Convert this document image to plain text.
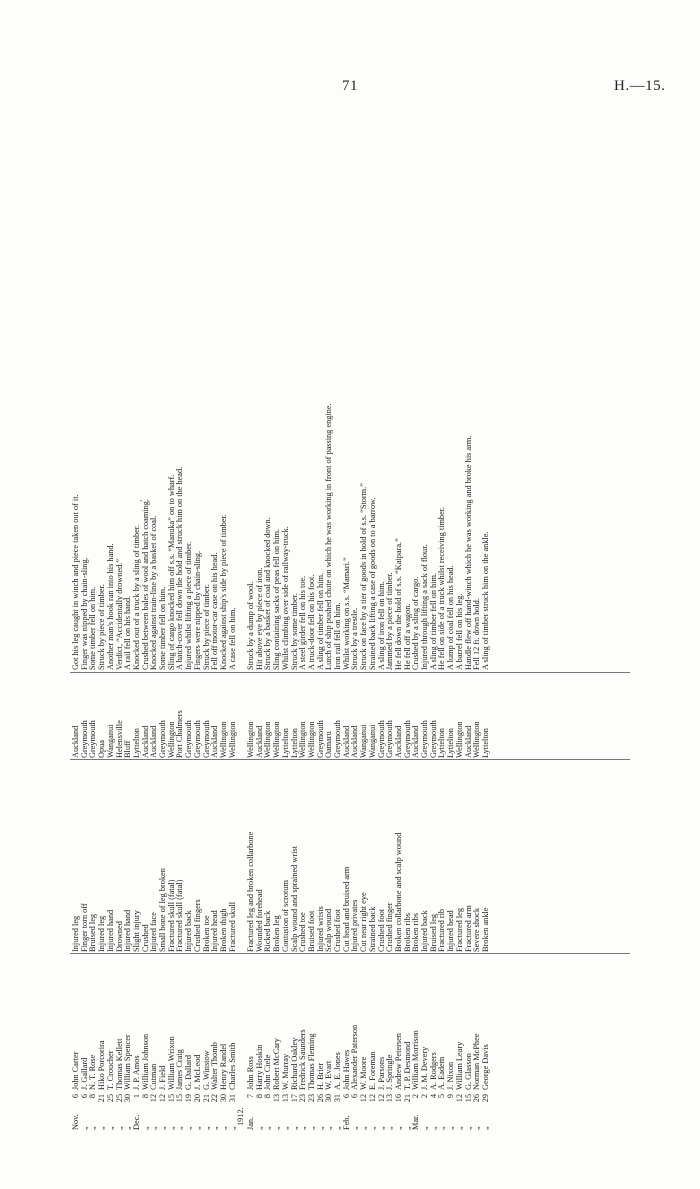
71	H.—15.
Nov.
6
John Carter
Injured leg
Auckland
Got his leg caught in winch and piece taken out of it.
„
6
J. Gallard
Finger torn off
Greymouth
Finger was nipped by chain-sling.
„
8
N. T. Rose
Bruised leg
Greymouth
Some timber fell on him.
„
21
Hiko Porcorira
Injured leg
Opua
Struck by piece of timber.
„
25
T. Croucher
Injured hand
Wanganui
Another man's hook ran into his hand.
„
25
Thomas Kellett
Drowned
Helensville
Verdict, “Accidentally drowned.”
„
30
William Spencer
Injured hand
Bluff
A rail fell on his hand.
Dec.
1
J. P. Amos
Slight injury
Lyttelton
Knocked out of a truck by a sling of timber.
„
8
William Johnson
Crushed
Auckland
Crushed between bales of wool and hatch coaming.
„
12
Cutman
Injured face
Auckland
Knocked against train-line by a basket of coal.
„
12
J. Field
Small bone of leg broken
Greymouth
Some timber fell on him.
„
15
William Wrixon
Fractured skull (fatal)
Wellington
Sling of cargo knocked him off s.s. “Manuka” on to wharf.
„
15
James Craig
Fractured skull (fatal)
Port Chalmers
A hatch-cover fell down the hold and struck him on the head.
„
19
G. Dallard
Injured back
Greymouth
Injured whilst lifting a piece of timber.
„
20
J. McLeod
Crushed fingers
Greymouth
Fingers were nipped by chain-sling.
„
21
G. Winstow
Broken toe
Greymouth
Struck by piece of timber.
„
22
Walter Thomb
Injured head
Auckland
Fell off motor-car case on his head.
„
30
Henry Randel
Broken thigh
Wellington
Knocked against ship's side by piece of timber.
„
31
Charles Smith
Fractured skull
Wellington
A case fell on him.
1912. Jan.
7
John Ross
Fractured leg and broken collarbone
Wellington
Struck by a dump of wool.
„
8
Harry Hoskin
Wounded forehead
Auckland
Hit above eye by piece of iron.
„
8
John Ciele
Ricked back
Wellington
Struck by a basket of coal and knocked down.
„
13
Robert McCary
Broken leg
Wellington
Sling containing sacks of peas fell on him.
„
13
W. Murray
Contusion of scrotum
Lyttelton
Whilst climbing over side of railway-truck.
„
17
Richard Oakley
Scalp wound and sprained wrist
Lyttelton
Struck by some timber.
„
23
Fredrick Saunders
Crushed toe
Wellington
A steel girder fell on his toe.
„
23
Thomas Fleming
Bruised foot
Wellington
A truck-door fell on his foot.
„
26
H. Brier
Injured wrists
Greymouth
A sling of timber fell on him.
„
30
W. Evart
Scalp wound
Oamaru
Lurch of ship pushed chute on which he was working in front of passing engine.
„
31
A. E. Jones
Crushed foot
Greymouth
Iron rail fell on him.
Feb.
6
John Hawes
Cut head and bruised arm
Auckland
Whilst working on s.s. “Mamari.”
„
6
Alexander Paterson
Injured privates
Auckland
Struck by a trestle.
„
12
W. Moore
Cut near right eye
Wanganui
Struck on face by a tier of goods in hold of s.s. “Storm.”
„
12
E. Foreman
Strained back
Wanganui
Strained back lifting a case of goods on to a barrow.
„
12
J. Parsons
Crushed foot
Greymouth
A sling of iron fell on him.
„
13
J. Springle
Crushed finger
Greymouth
Jammed by a piece of timber.
„
16
Andrew Petersen
Broken collarbone and scalp wound
Auckland
He fell down the hold of s.s. “Kaipara.”
„
21
T. P. Desmond
Broken ribs
Greymouth
He fell off a wagon.
Mar.
2
William Morrison
Broken ribs
Auckland
Crushed by a sling of cargo.
„
2
J. M. Devery
Injured back
Greymouth
Injured through lifting a sack of flour.
„
4
A. Rodgers
Bruised leg
Greymouth
A sling of timber fell on him.
„
5
A. Eadem
Fractured rib
Lyttelton
He fell on side of a truck whilst receiving timber.
„
9
J. Nixon
Injured head
Lyttelton
A lump of coal fell on his head.
„
12
William Leary
Fractured leg
Wellington
A barrel fell on his leg.
„
15
G. Glasson
Fractured arm
Auckland
Handle flew off hand-winch which he was working and broke his arm.
„
26
Norman McPhee
Severe shock
Wellington
Fell 12 ft. down hold.
„
29
George Davis
Broken ankle
Lyttelton
A sling of timber struck him on the ankle.
